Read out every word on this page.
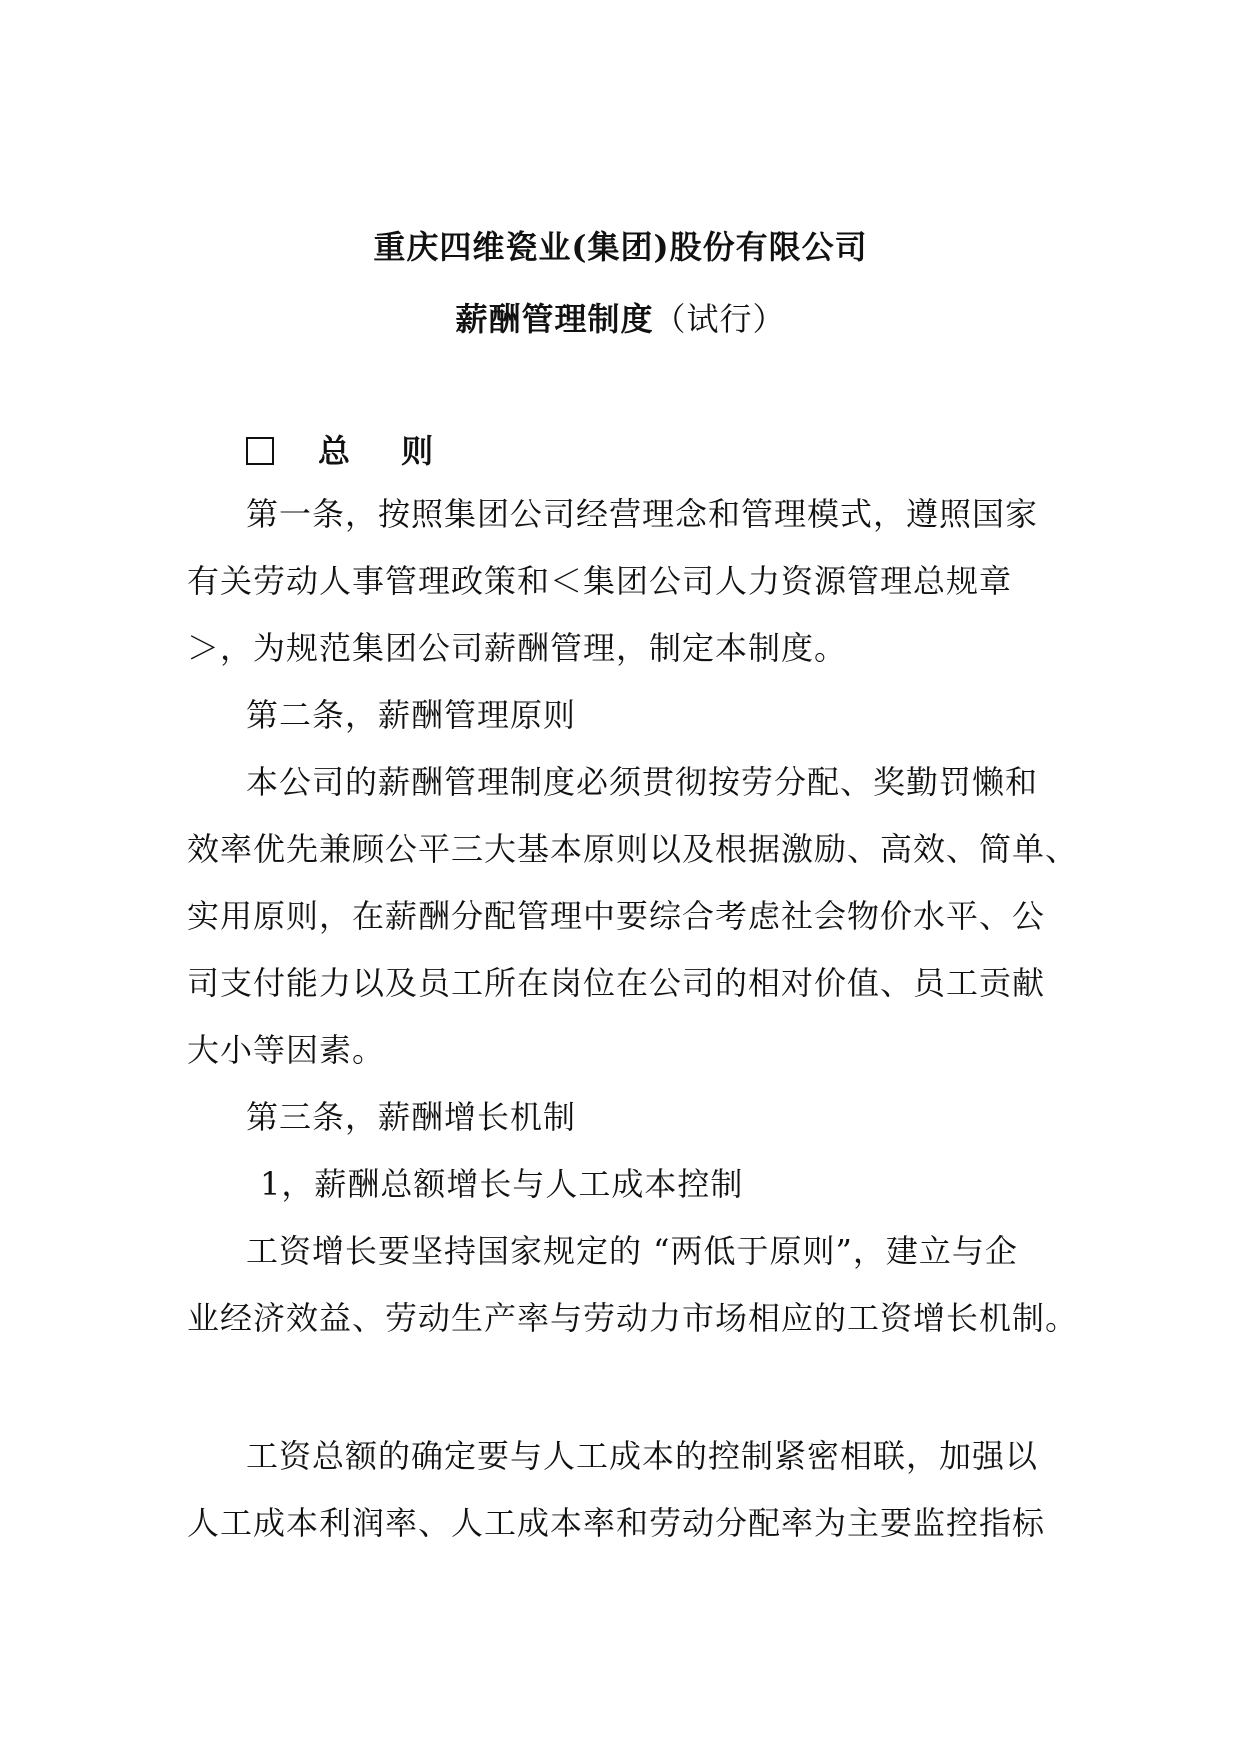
重庆四维瓷业(集团)股份有限公司
薪酬管理制度（试行）
总 则
第一条，按照集团公司经营理念和管理模式，遵照国家
有关劳动人事管理政策和＜集团公司人力资源管理总规章
＞，为规范集团公司薪酬管理，制定本制度。
第二条，薪酬管理原则
本公司的薪酬管理制度必须贯彻按劳分配、奖勤罚懒和
效率优先兼顾公平三大基本原则以及根据激励、高效、简单、
实用原则，在薪酬分配管理中要综合考虑社会物价水平、公
司支付能力以及员工所在岗位在公司的相对价值、员工贡献
大小等因素。
第三条，薪酬增长机制
1，薪酬总额增长与人工成本控制
工资增长要坚持国家规定的 “两低于原则”，建立与企
业经济效益、劳动生产率与劳动力市场相应的工资增长机制。
工资总额的确定要与人工成本的控制紧密相联，加强以
人工成本利润率、人工成本率和劳动分配率为主要监控指标
